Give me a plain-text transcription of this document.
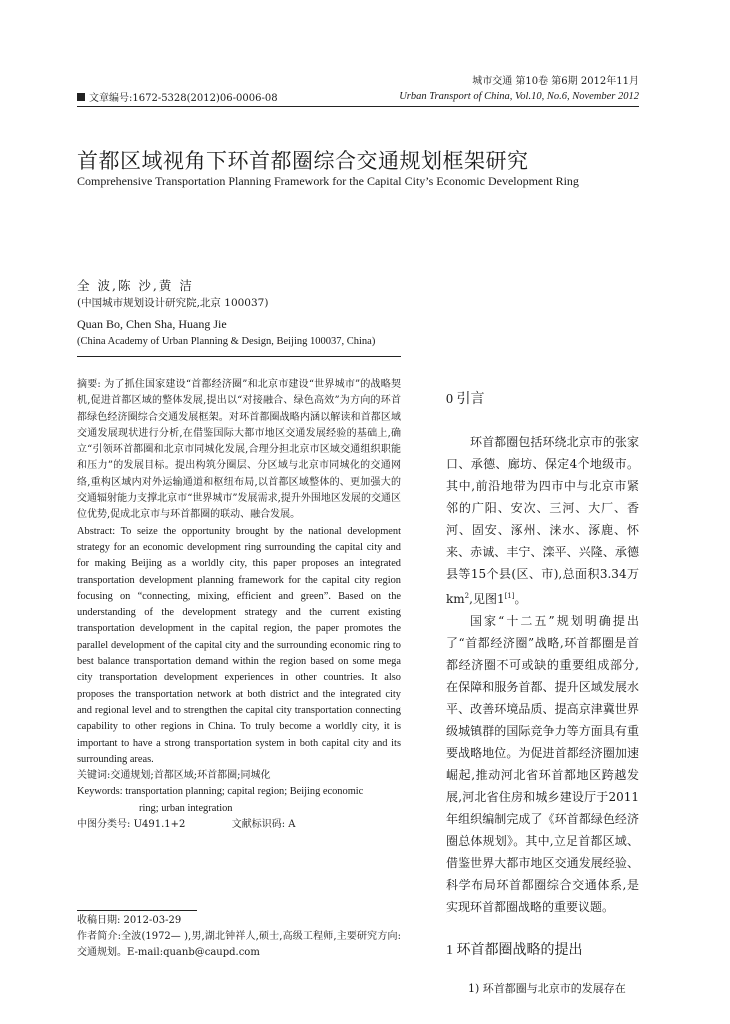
城市交通 第10卷 第6期 2012年11月
Urban Transport of China, Vol.10, No.6, November 2012
文章编号:1672-5328(2012)06-0006-08
首都区域视角下环首都圈综合交通规划框架研究
Comprehensive Transportation Planning Framework for the Capital City’s Economic Development Ring
全 波,陈 沙,黄 洁
(中国城市规划设计研究院,北京 100037)
Quan Bo, Chen Sha, Huang Jie
(China Academy of Urban Planning & Design, Beijing 100037, China)
摘要: 为了抓住国家建设“首都经济圈”和北京市建设“世界城市”的战略契机,促进首都区域的整体发展,提出以“对接融合、绿色高效”为方向的环首都绿色经济圈综合交通发展框架。对环首都圈战略内涵以解读和首都区域交通发展现状进行分析,在借鉴国际大都市地区交通发展经验的基础上,确立“引领环首都圈和北京市同城化发展,合理分担北京市区域交通组织职能和压力”的发展目标。提出构筑分圈层、分区域与北京市同城化的交通网络,重构区域内对外运输通道和枢纽布局,以首都区域整体的、更加强大的交通辐射能力支撑北京市“世界城市”发展需求,提升外围地区发展的交通区位优势,促成北京市与环首都圈的联动、融合发展。
Abstract: To seize the opportunity brought by the national development strategy for an economic development ring surrounding the capital city and for making Beijing as a worldly city, this paper proposes an integrated transportation development planning framework for the capital city region focusing on “connecting, mixing, efficient and green”. Based on the understanding of the development strategy and the current existing transportation development in the capital region, the paper promotes the parallel development of the capital city and the surrounding economic ring to best balance transportation demand within the region based on some mega city transportation development experiences in other countries. It also proposes the transportation network at both district and the integrated city and regional level and to strengthen the capital city transportation connecting capability to other regions in China. To truly become a worldly city, it is important to have a strong transportation system in both capital city and its surrounding areas.
关键词:交通规划;首都区域;环首都圈;同城化
Keywords: transportation planning; capital region; Beijing economic
ring; urban integration
中图分类号: U491.1+2	文献标识码: A
收稿日期: 2012-03-29
作者简介:全波(1972— ),男,湖北钟祥人,硕士,高级工程师,主要研究方向:交通规划。E-mail:quanb@caupd.com
0 引言

环首都圈包括环绕北京市的张家口、承德、廊坊、保定4个地级市。其中,前沿地带为四市中与北京市紧邻的广阳、安次、三河、大厂、香河、固安、涿州、涞水、涿鹿、怀来、赤诚、丰宁、滦平、兴隆、承德县等15个县(区、市),总面积3.34万$km^2$,见图1[1]。

国家“十二五”规划明确提出了“首都经济圈”战略,环首都圈是首都经济圈不可或缺的重要组成部分,在保障和服务首都、提升区域发展水平、改善环境品质、提高京津冀世界级城镇群的国际竞争力等方面具有重要战略地位。为促进首都经济圈加速崛起,推动河北省环首都地区跨越发展,河北省住房和城乡建设厅于2011年组织编制完成了《环首都绿色经济圈总体规划》。其中,立足首都区域、借鉴世界大都市地区交通发展经验、科学布局环首都圈综合交通体系,是实现环首都圈战略的重要议题。

1 环首都圈战略的提出

1) 环首都圈与北京市的发展存在
